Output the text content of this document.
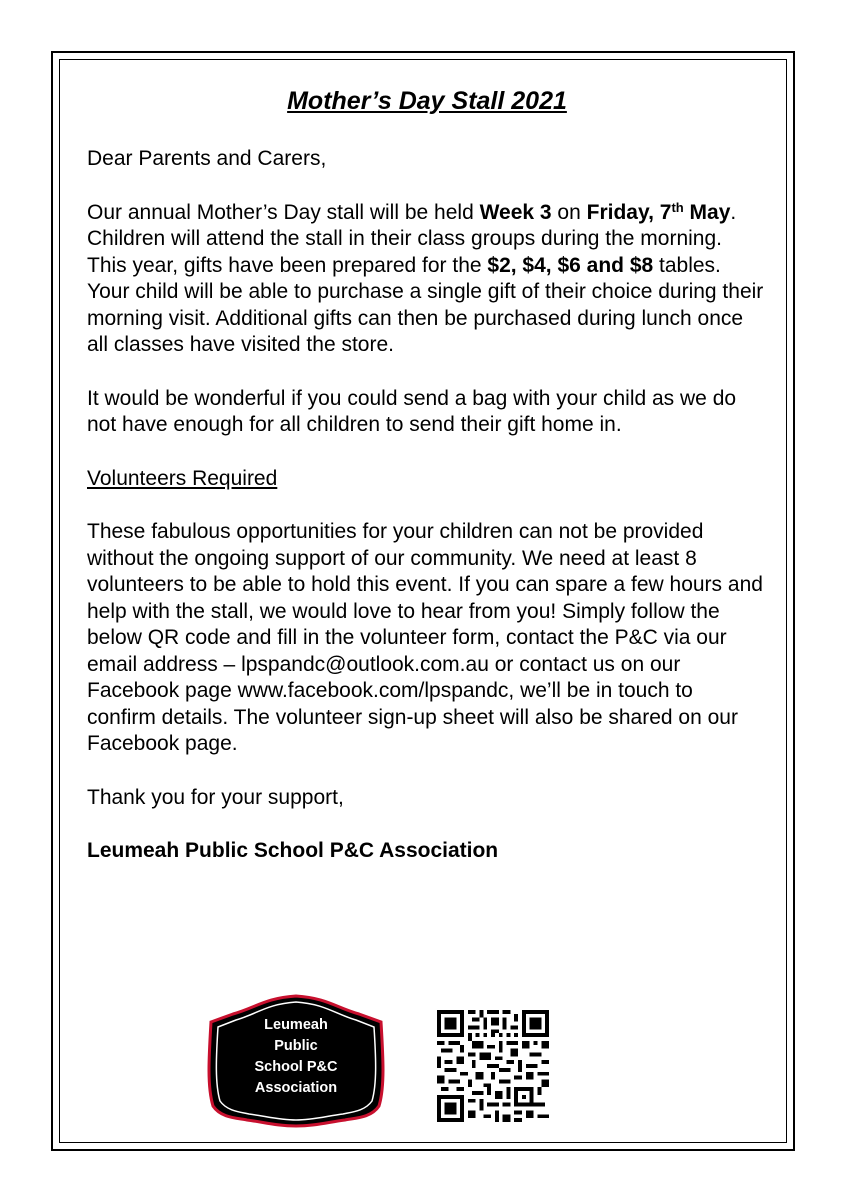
Mother’s Day Stall 2021

Dear Parents and Carers,

Our annual Mother’s Day stall will be held Week 3 on Friday, 7th May. Children will attend the stall in their class groups during the morning. This year, gifts have been prepared for the $2, $4, $6 and $8 tables. Your child will be able to purchase a single gift of their choice during their morning visit. Additional gifts can then be purchased during lunch once all classes have visited the store.

It would be wonderful if you could send a bag with your child as we do not have enough for all children to send their gift home in.

Volunteers Required

These fabulous opportunities for your children can not be provided without the ongoing support of our community. We need at least 8 volunteers to be able to hold this event. If you can spare a few hours and help with the stall, we would love to hear from you! Simply follow the below QR code and fill in the volunteer form, contact the P&C via our email address – lpspandc@outlook.com.au or contact us on our Facebook page www.facebook.com/lpspandc, we’ll be in touch to confirm details. The volunteer sign-up sheet will also be shared on our Facebook page.

Thank you for your support,

Leumeah Public School P&C Association

Leumeah
Public
School P&C
Association
